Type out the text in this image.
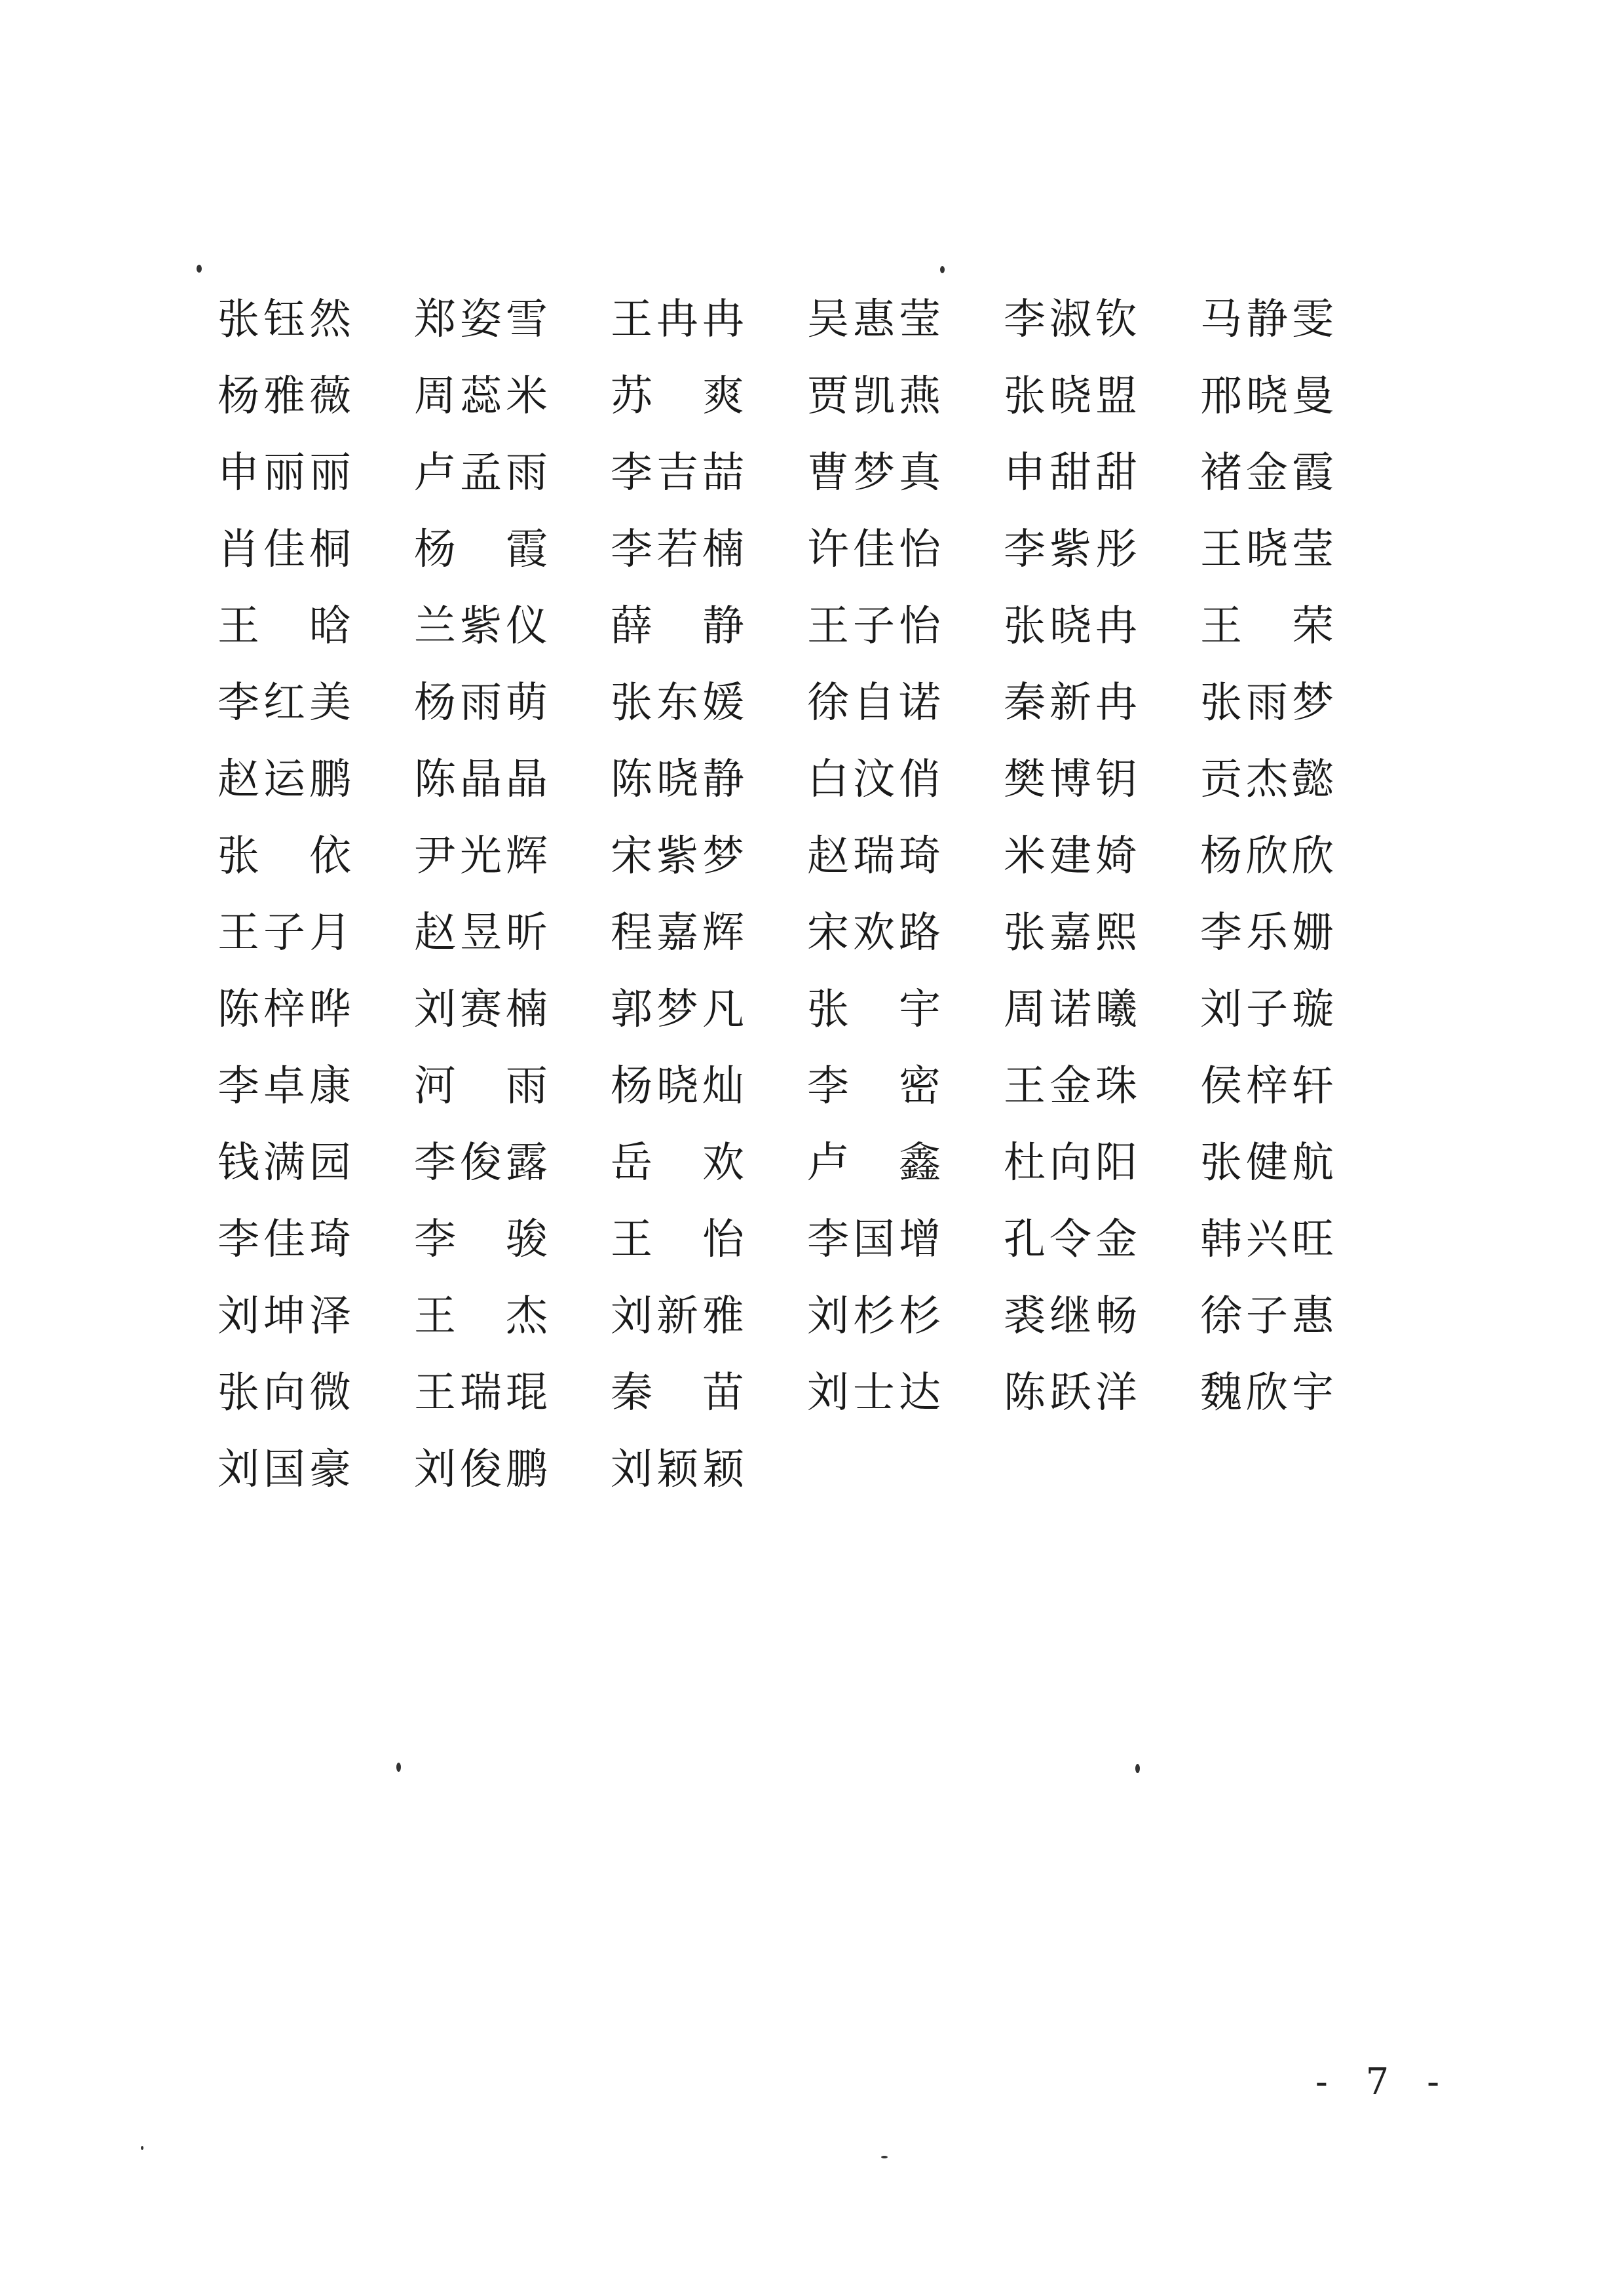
张钰然	郑姿雪	王冉冉	吴惠莹	李淑钦	马静雯
杨雅薇	周蕊米	苏　爽	贾凯燕	张晓盟	邢晓曼
申丽丽	卢孟雨	李吉喆	曹梦真	申甜甜	褚金霞
肖佳桐	杨　霞	李若楠	许佳怡	李紫彤	王晓莹
王　晗	兰紫仪	薛　静	王子怡	张晓冉	王　荣
李红美	杨雨萌	张东媛	徐自诺	秦新冉	张雨梦
赵运鹏	陈晶晶	陈晓静	白汶俏	樊博钥	贡杰懿
张　依	尹光辉	宋紫梦	赵瑞琦	米建婍	杨欣欣
王子月	赵昱昕	程嘉辉	宋欢路	张嘉熙	李乐姗
陈梓晔	刘赛楠	郭梦凡	张　宇	周诺曦	刘子璇
李卓康	河　雨	杨晓灿	李　密	王金珠	侯梓轩
钱满园	李俊露	岳　欢	卢　鑫	杜向阳	张健航
李佳琦	李　骏	王　怡	李国增	孔令金	韩兴旺
刘坤泽	王　杰	刘新雅	刘杉杉	裘继畅	徐子惠
张向微	王瑞琨	秦　苗	刘士达	陈跃洋	魏欣宇
刘国豪	刘俊鹏	刘颖颖
- 7 -
